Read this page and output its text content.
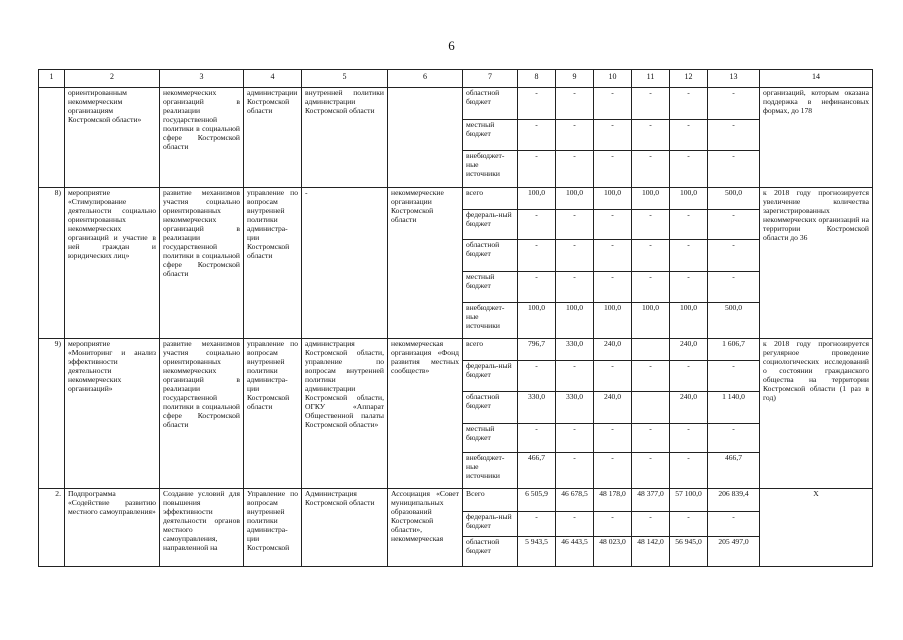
6
1	2	3	4	5	6	7	8	9	10	11	12	13	14
	ориентированным некоммерческим организациям Костромской области»	некоммерческих организаций в реализации государственной политики в социальной сфере Костромской области	администрации Костромской области	внутренней политики администрации Костромской области		областной бюджет	-	-	-	-	-	-	организаций, которым оказана поддержка в нефинансовых формах, до 178
						местный бюджет	-	-	-	-	-	-	
						внебюджет-ные источники	-	-	-	-	-	-	
8)	мероприятие «Стимулирование деятельности социально ориентированных некоммерческих организаций и участие в ней граждан и юридических лиц»	развитие механизмов участия социально ориентированных некоммерческих организаций в реализации государственной политики в социальной сфере Костромской области	управление по вопросам внутренней политики администра-ции Костромской области	-	некоммерческие организации Костромской области	всего	100,0	100,0	100,0	100,0	100,0	500,0	к 2018 году прогнозируется увеличение количества зарегистрированных некоммерческих организаций на территории Костромской области до 36
						федераль-ный бюджет	-	-	-	-	-	-	
						областной бюджет	-	-	-	-	-	-	
						местный бюджет	-	-	-	-	-	-	
						внебюджет-ные источники	100,0	100,0	100,0	100,0	100,0	500,0	
9)	мероприятие «Мониторинг и анализ эффективности деятельности некоммерческих организаций»	развитие механизмов участия социально ориентированных некоммерческих организаций в реализации государственной политики в социальной сфере Костромской области	управление по вопросам внутренней политики администра-ции Костромской области	администрация Костромской области, управление по вопросам внутренней политики администрации Костромской области, ОГКУ «Аппарат Общественной палаты Костромской области»	некоммерческая организация «Фонд развития местных сообществ»	всего	796,7	330,0	240,0		240,0	1 606,7	к 2018 году прогнозируется регулярное проведение социологических исследований о состоянии гражданского общества на территории Костромской области (1 раз в год)
						федераль-ный бюджет	-	-	-	-	-	-	
						областной бюджет	330,0	330,0	240,0		240,0	1 140,0	
						местный бюджет	-	-	-	-	-	-	
						внебюджет-ные источники	466,7	-	-	-	-	466,7	
2.	Подпрограмма «Содействие развитию местного самоуправления»	Создание условий для повышения эффективности деятельности органов местного самоуправления, направленной на	Управление по вопросам внутренней политики администра-ции Костромской	Администрация Костромской области	Ассоциация «Совет муниципальных образований Костромской области», некоммерческая	Всего	6 505,9	46 678,5	48 178,0	48 377,0	57 100,0	206 839,4	X
						федераль-ный бюджет	-	-	-	-	-	-	
						областной бюджет	5 943,5	46 443,5	48 023,0	48 142,0	56 945,0	205 497,0	
